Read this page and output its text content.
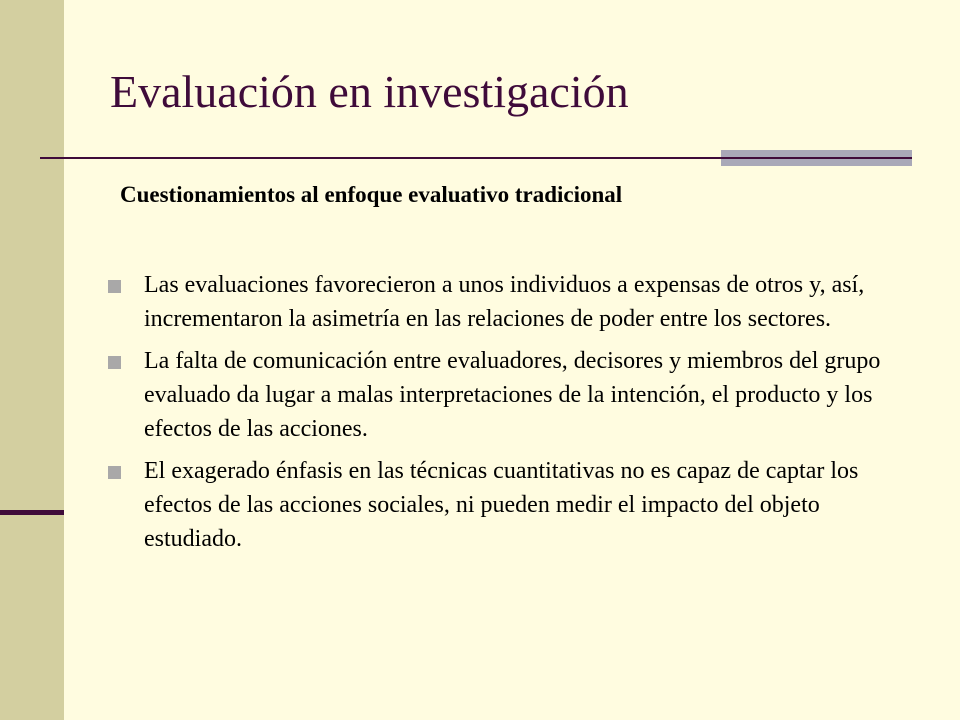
Evaluación en investigación
Cuestionamientos al enfoque evaluativo tradicional
Las evaluaciones favorecieron a unos individuos a expensas de otros y, así, incrementaron la asimetría en las relaciones de poder entre los sectores.
La falta de comunicación entre evaluadores, decisores y miembros del grupo evaluado da lugar a malas interpretaciones de la intención, el producto y los efectos de las acciones.
El exagerado énfasis en las técnicas cuantitativas no es capaz de captar los efectos de las acciones sociales, ni pueden medir el impacto del objeto estudiado.
